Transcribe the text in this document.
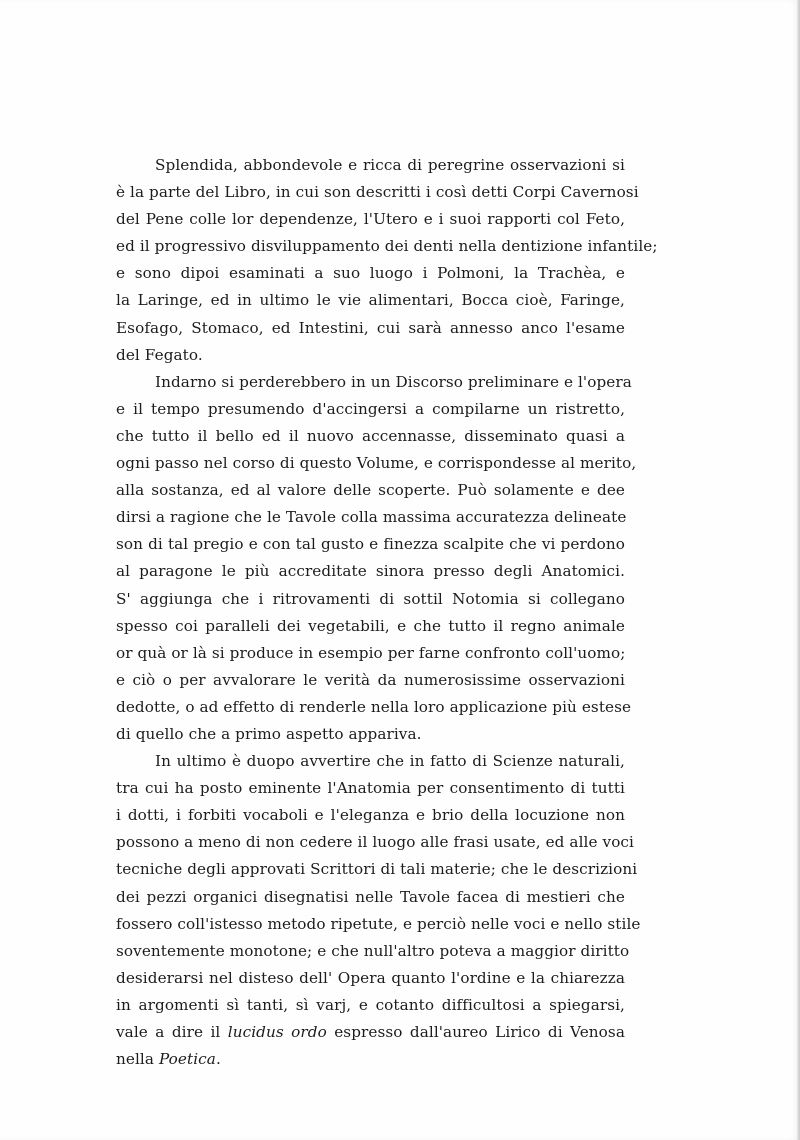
Splendida, abbondevole e ricca di peregrine osservazioni si
è la parte del Libro, in cui son descritti i così detti Corpi Cavernosi
del Pene colle lor dependenze, l'Utero e i suoi rapporti col Feto,
ed il progressivo disviluppamento dei denti nella dentizione infantile;
e sono dipoi esaminati a suo luogo i Polmoni, la Trachèa, e
la Laringe, ed in ultimo le vie alimentari, Bocca cioè, Faringe,
Esofago, Stomaco, ed Intestini, cui sarà annesso anco l'esame
del Fegato.
Indarno si perderebbero in un Discorso preliminare e l'opera
e il tempo presumendo d'accingersi a compilarne un ristretto,
che tutto il bello ed il nuovo accennasse, disseminato quasi a
ogni passo nel corso di questo Volume, e corrispondesse al merito,
alla sostanza, ed al valore delle scoperte. Può solamente e dee
dirsi a ragione che le Tavole colla massima accuratezza delineate
son di tal pregio e con tal gusto e finezza scalpite che vi perdono
al paragone le più accreditate sinora presso degli Anatomici.
S' aggiunga che i ritrovamenti di sottil Notomia si collegano
spesso coi paralleli dei vegetabili, e che tutto il regno animale
or quà or là si produce in esempio per farne confronto coll'uomo;
e ciò o per avvalorare le verità da numerosissime osservazioni
dedotte, o ad effetto di renderle nella loro applicazione più estese
di quello che a primo aspetto appariva.
In ultimo è duopo avvertire che in fatto di Scienze naturali,
tra cui ha posto eminente l'Anatomia per consentimento di tutti
i dotti, i forbiti vocaboli e l'eleganza e brio della locuzione non
possono a meno di non cedere il luogo alle frasi usate, ed alle voci
tecniche degli approvati Scrittori di tali materie; che le descrizioni
dei pezzi organici disegnatisi nelle Tavole facea di mestieri che
fossero coll'istesso metodo ripetute, e perciò nelle voci e nello stile
soventemente monotone; e che null'altro poteva a maggior diritto
desiderarsi nel disteso dell' Opera quanto l'ordine e la chiarezza
in argomenti sì tanti, sì varj, e cotanto difficultosi a spiegarsi,
vale a dire il lucidus ordo espresso dall'aureo Lirico di Venosa
nella Poetica.
